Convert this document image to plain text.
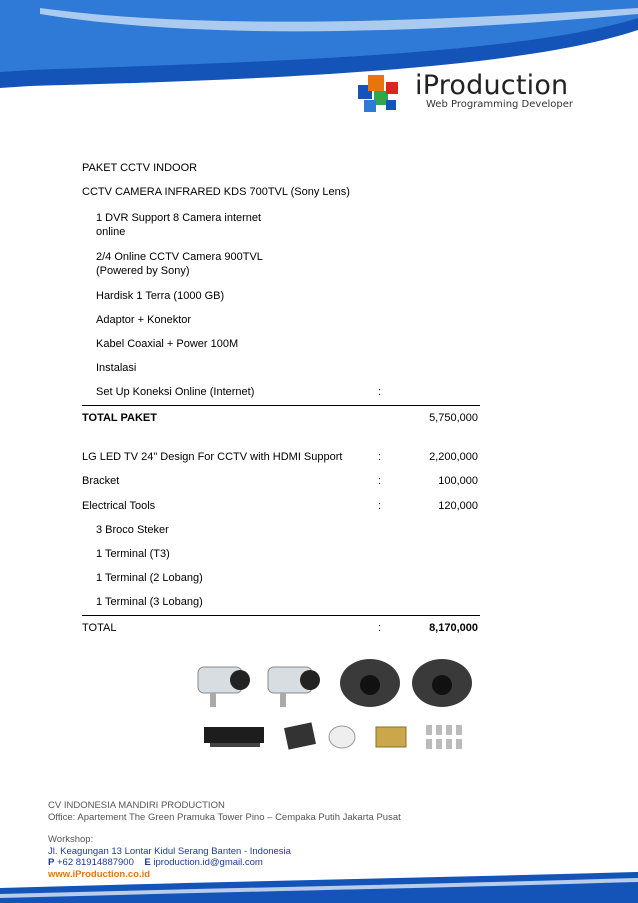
iProduction
Web Programming Developer
PAKET CCTV INDOOR
CCTV CAMERA INFRARED KDS 700TVL (Sony Lens)
1 DVR Support 8 Camera internet
online
2/4 Online CCTV Camera 900TVL
(Powered by Sony)
Hardisk 1 Terra (1000 GB)
Adaptor + Konektor
Kabel Coaxial + Power 100M
Instalasi
Set Up Koneksi Online (Internet)	:
TOTAL PAKET	5,750,000
LG LED TV 24" Design For CCTV with HDMI Support	:	2,200,000
Bracket	:	100,000
Electrical Tools	:	120,000
3 Broco Steker
1 Terminal (T3)
1 Terminal (2 Lobang)
1 Terminal (3 Lobang)
TOTAL	:	8,170,000
CV INDONESIA MANDIRI PRODUCTION
Office: Apartement The Green Pramuka Tower Pino – Cempaka Putih Jakarta Pusat
Workshop:
Jl. Keagungan 13 Lontar Kidul Serang Banten - Indonesia
P +62 81914887900 E iproduction.id@gmail.com
www.iProduction.co.id
